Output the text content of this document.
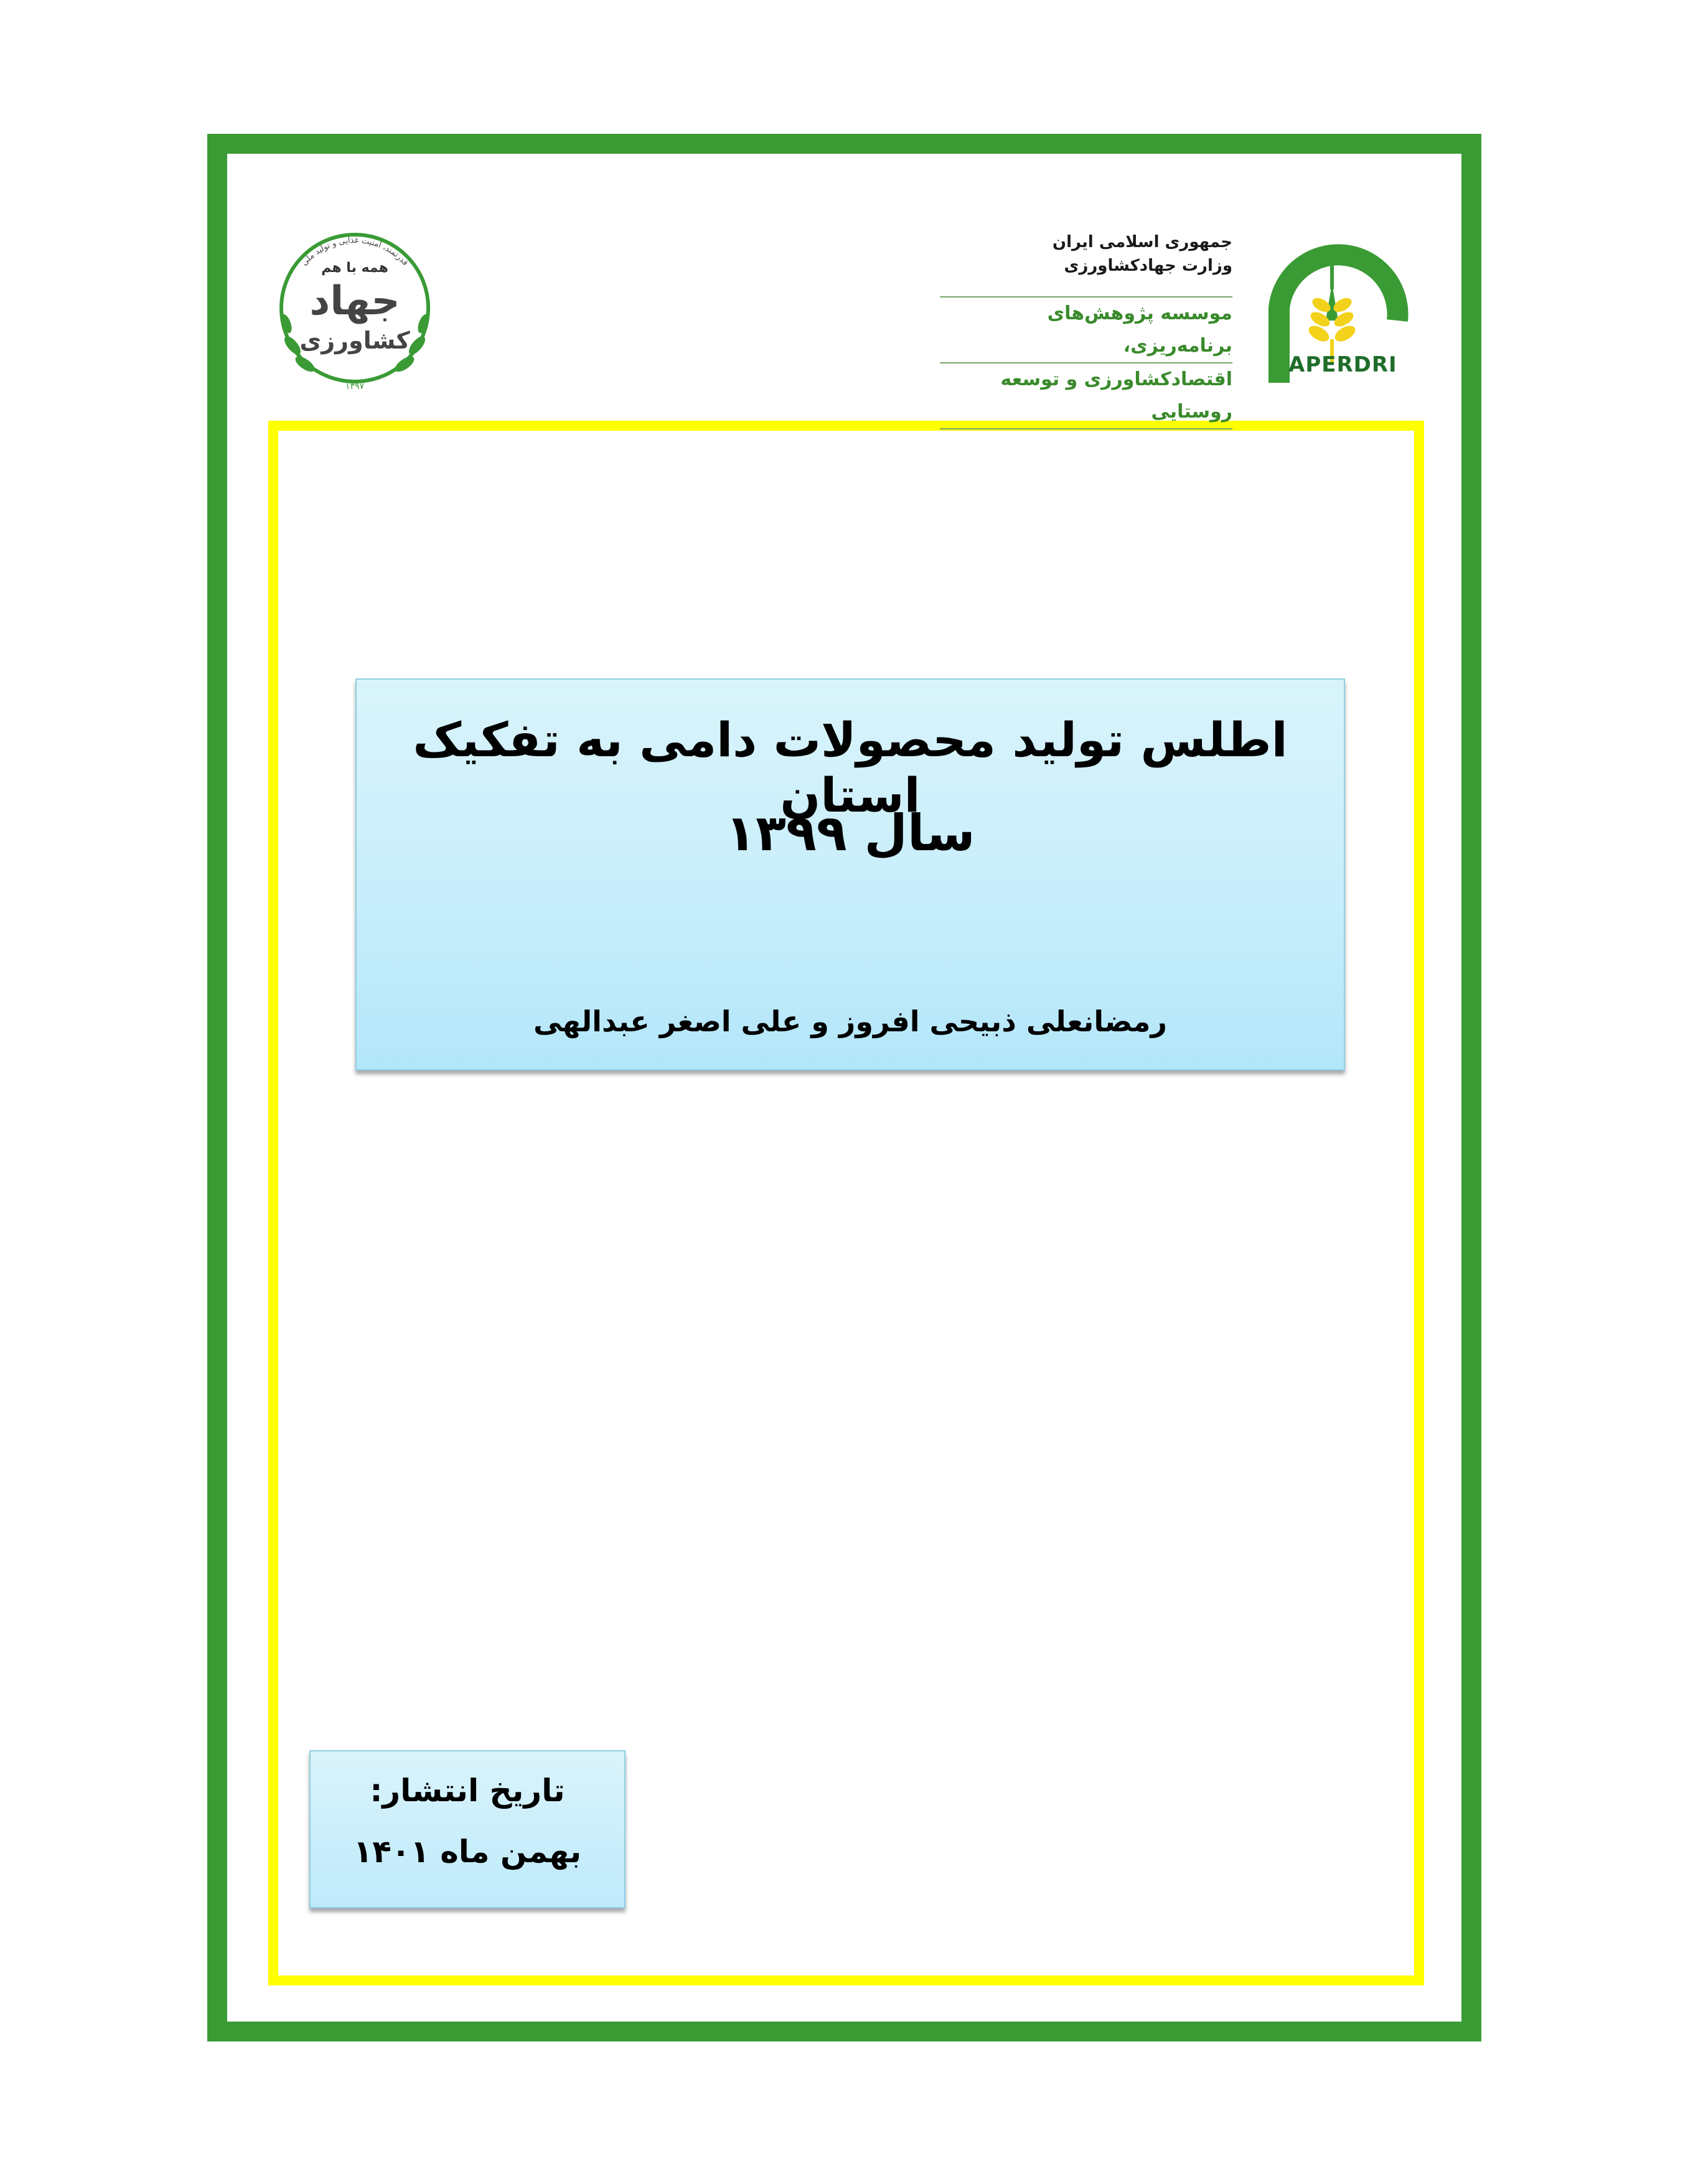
قدرتمند، امنیت غذایی و تولید ملی
همه با هم
جهاد
کشاورزی
۱۳۹۷
جمهوری اسلامی ایران
وزارت جهادکشاورزی
موسسه پژوهش‌های برنامه‌ریزی،
اقتصادکشاورزی و توسعه روستایی
APERDRI
اطلس تولید محصولات دامی به تفکیک استان
سال ۱۳۹۹
رمضانعلی ذبیحی افروز و علی اصغر عبدالهی
تاریخ انتشار:
بهمن ماه ۱۴۰۱
